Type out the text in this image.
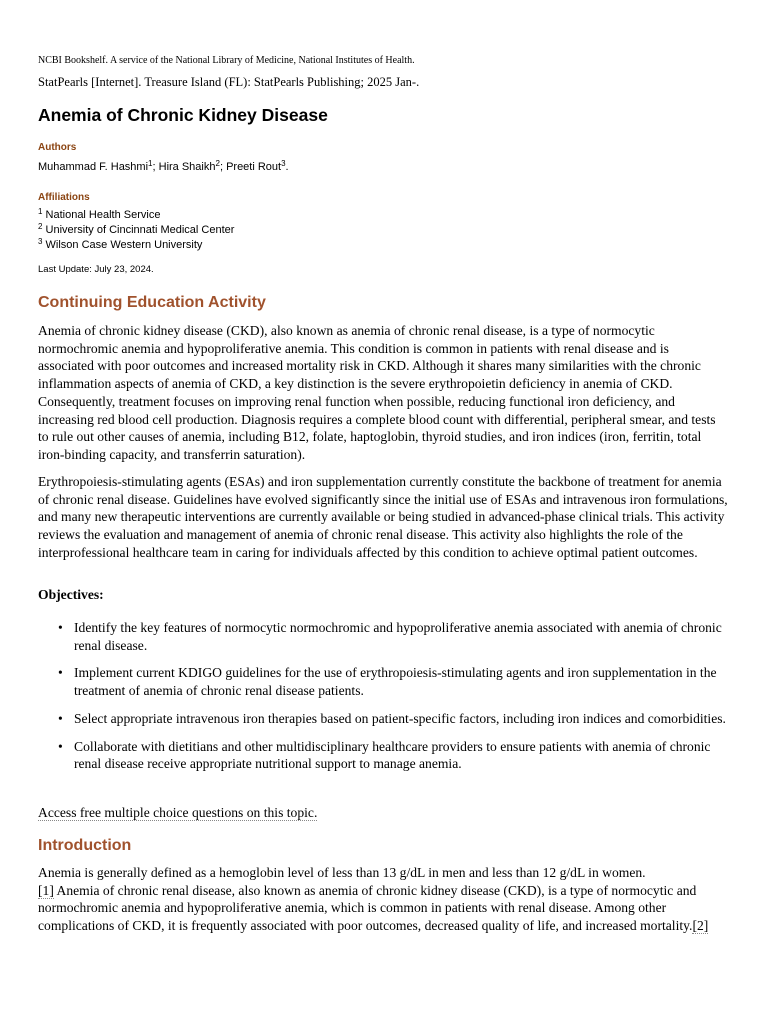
NCBI Bookshelf. A service of the National Library of Medicine, National Institutes of Health.
StatPearls [Internet]. Treasure Island (FL): StatPearls Publishing; 2025 Jan-.
Anemia of Chronic Kidney Disease
Authors
Muhammad F. Hashmi$^1$; Hira Shaikh$^2$; Preeti Rout$^3$.
Affiliations
$^1$ National Health Service
$^2$ University of Cincinnati Medical Center
$^3$ Wilson Case Western University
Last Update: July 23, 2024.
Continuing Education Activity

Anemia of chronic kidney disease (CKD), also known as anemia of chronic renal disease, is a type of normocytic normochromic anemia and hypoproliferative anemia. This condition is common in patients with renal disease and is associated with poor outcomes and increased mortality risk in CKD. Although it shares many similarities with the chronic inflammation aspects of anemia of CKD, a key distinction is the severe erythropoietin deficiency in anemia of CKD. Consequently, treatment focuses on improving renal function when possible, reducing functional iron deficiency, and increasing red blood cell production. Diagnosis requires a complete blood count with differential, peripheral smear, and tests to rule out other causes of anemia, including B12, folate, haptoglobin, thyroid studies, and iron indices (iron, ferritin, total iron-binding capacity, and transferrin saturation).

Erythropoiesis-stimulating agents (ESAs) and iron supplementation currently constitute the backbone of treatment for anemia of chronic renal disease. Guidelines have evolved significantly since the initial use of ESAs and intravenous iron formulations, and many new therapeutic interventions are currently available or being studied in advanced-phase clinical trials. This activity reviews the evaluation and management of anemia of chronic renal disease. This activity also highlights the role of the interprofessional healthcare team in caring for individuals affected by this condition to achieve optimal patient outcomes.

Objectives:

• Identify the key features of normocytic normochromic and hypoproliferative anemia associated with anemia of chronic renal disease.
• Implement current KDIGO guidelines for the use of erythropoiesis-stimulating agents and iron supplementation in the treatment of anemia of chronic renal disease patients.
• Select appropriate intravenous iron therapies based on patient-specific factors, including iron indices and comorbidities.
• Collaborate with dietitians and other multidisciplinary healthcare providers to ensure patients with anemia of chronic renal disease receive appropriate nutritional support to manage anemia.

Access free multiple choice questions on this topic.

Introduction

Anemia is generally defined as a hemoglobin level of less than 13 g/dL in men and less than 12 g/dL in women.
[1] Anemia of chronic renal disease, also known as anemia of chronic kidney disease (CKD), is a type of normocytic and normochromic anemia and hypoproliferative anemia, which is common in patients with renal disease. Among other complications of CKD, it is frequently associated with poor outcomes, decreased quality of life, and increased mortality.[2]
